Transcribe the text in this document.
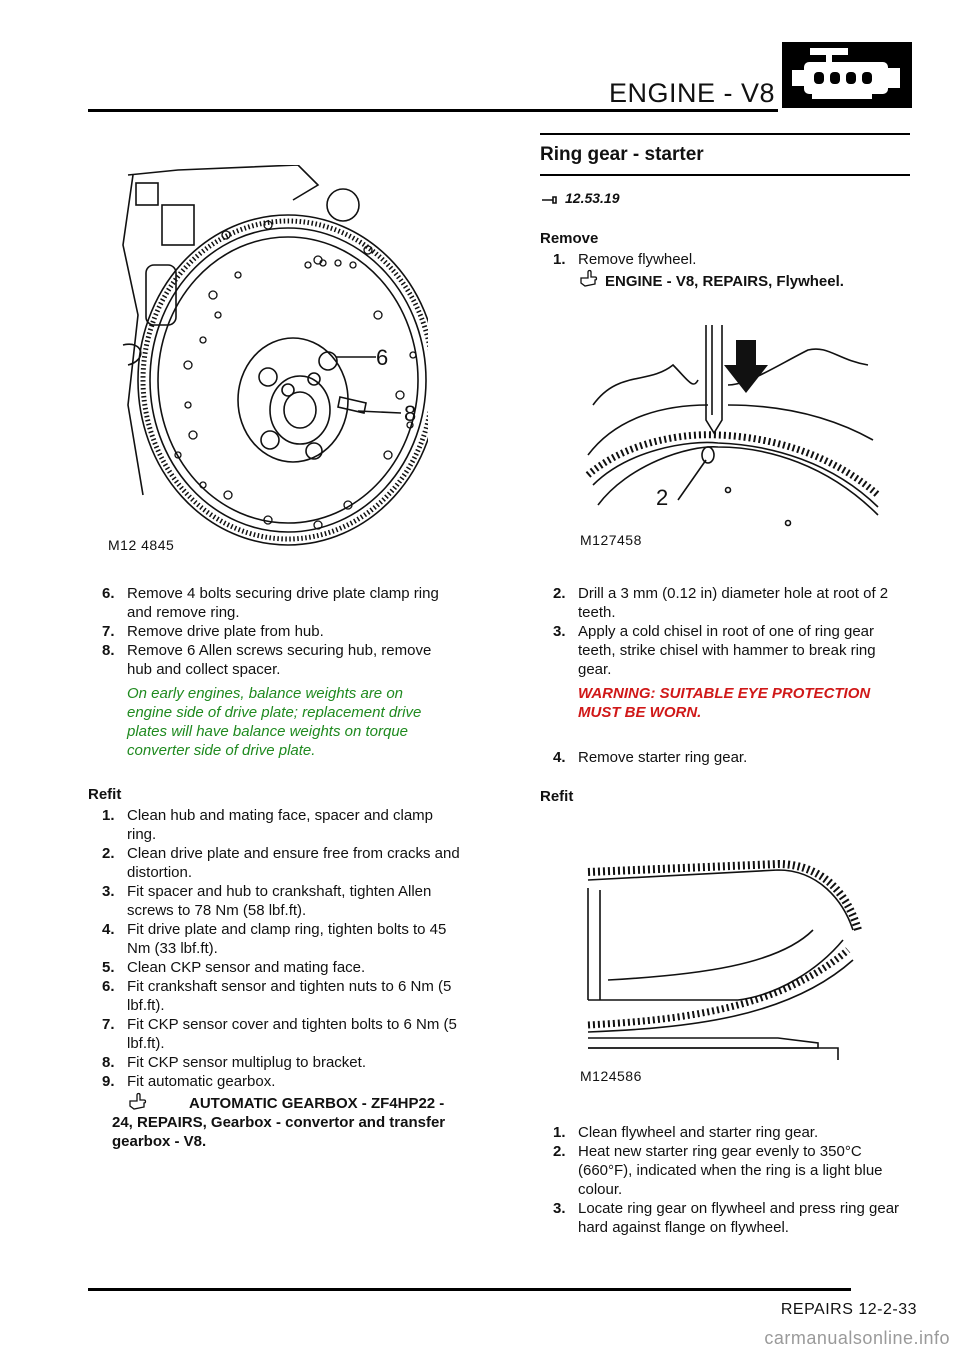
ENGINE - V8
M12 4845
6
8
6. Remove 4 bolts securing drive plate clamp ring and remove ring.
7. Remove drive plate from hub.
8. Remove 6 Allen screws securing hub, remove hub and collect spacer.
On early engines, balance weights are on engine side of drive plate; replacement drive plates will have balance weights on torque converter side of drive plate.
Refit
1. Clean hub and mating face, spacer and clamp ring.
2. Clean drive plate and ensure free from cracks and distortion.
3. Fit spacer and hub to crankshaft, tighten Allen screws to 78 Nm (58 lbf.ft).
4. Fit drive plate and clamp ring, tighten bolts to 45 Nm (33 lbf.ft).
5. Clean CKP sensor and mating face.
6. Fit crankshaft sensor and tighten nuts to 6 Nm (5 lbf.ft).
7. Fit CKP sensor cover and tighten bolts to 6 Nm (5 lbf.ft).
8. Fit CKP sensor multiplug to bracket.
9. Fit automatic gearbox.
AUTOMATIC GEARBOX - ZF4HP22 - 24, REPAIRS, Gearbox - convertor and transfer gearbox - V8.
Ring gear - starter
12.53.19
Remove
1. Remove flywheel.
ENGINE - V8, REPAIRS, Flywheel.
M127458
2
2. Drill a 3 mm (0.12 in) diameter hole at root of 2 teeth.
3. Apply a cold chisel in root of one of ring gear teeth, strike chisel with hammer to break ring gear.
WARNING: SUITABLE EYE PROTECTION MUST BE WORN.
4. Remove starter ring gear.
Refit
M124586
1. Clean flywheel and starter ring gear.
2. Heat new starter ring gear evenly to 350°C (660°F), indicated when the ring is a light blue colour.
3. Locate ring gear on flywheel and press ring gear hard against flange on flywheel.
REPAIRS 12-2-33
carmanualsonline.info
